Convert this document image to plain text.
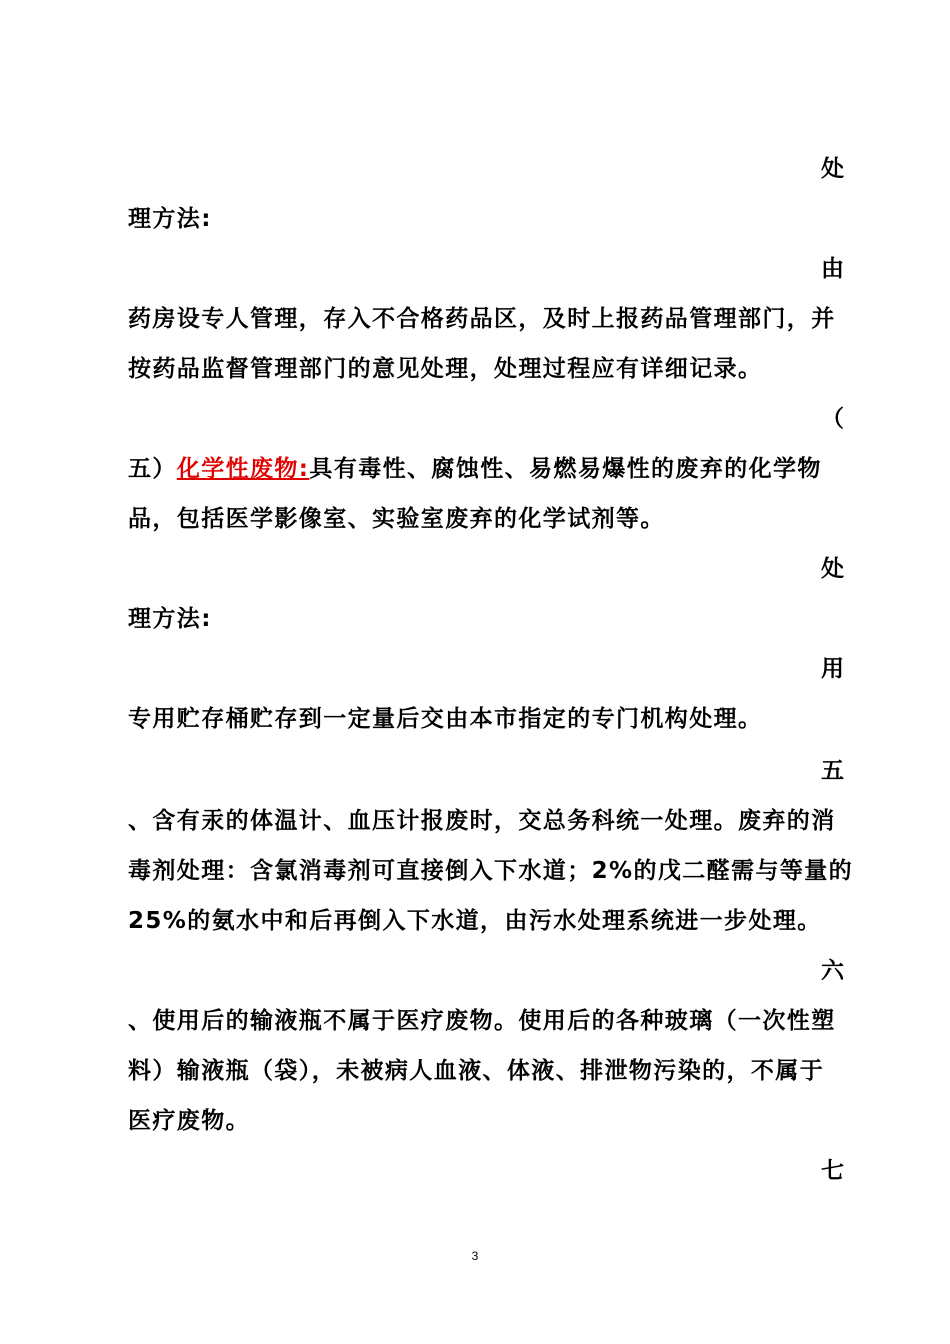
处
理方法:
由
药房设专人管理，存入不合格药品区，及时上报药品管理部门，并
按药品监督管理部门的意见处理，处理过程应有详细记录。
（
五）化学性废物:具有毒性、腐蚀性、易燃易爆性的废弃的化学物
品，包括医学影像室、实验室废弃的化学试剂等。
处
理方法:
用
专用贮存桶贮存到一定量后交由本市指定的专门机构处理。
五
、含有汞的体温计、血压计报废时，交总务科统一处理。废弃的消
毒剂处理：含氯消毒剂可直接倒入下水道；2%的戊二醛需与等量的
25%的氨水中和后再倒入下水道，由污水处理系统进一步处理。
六
、使用后的输液瓶不属于医疗废物。使用后的各种玻璃（一次性塑
料）输液瓶（袋），未被病人血液、体液、排泄物污染的，不属于
医疗废物。
七
3
